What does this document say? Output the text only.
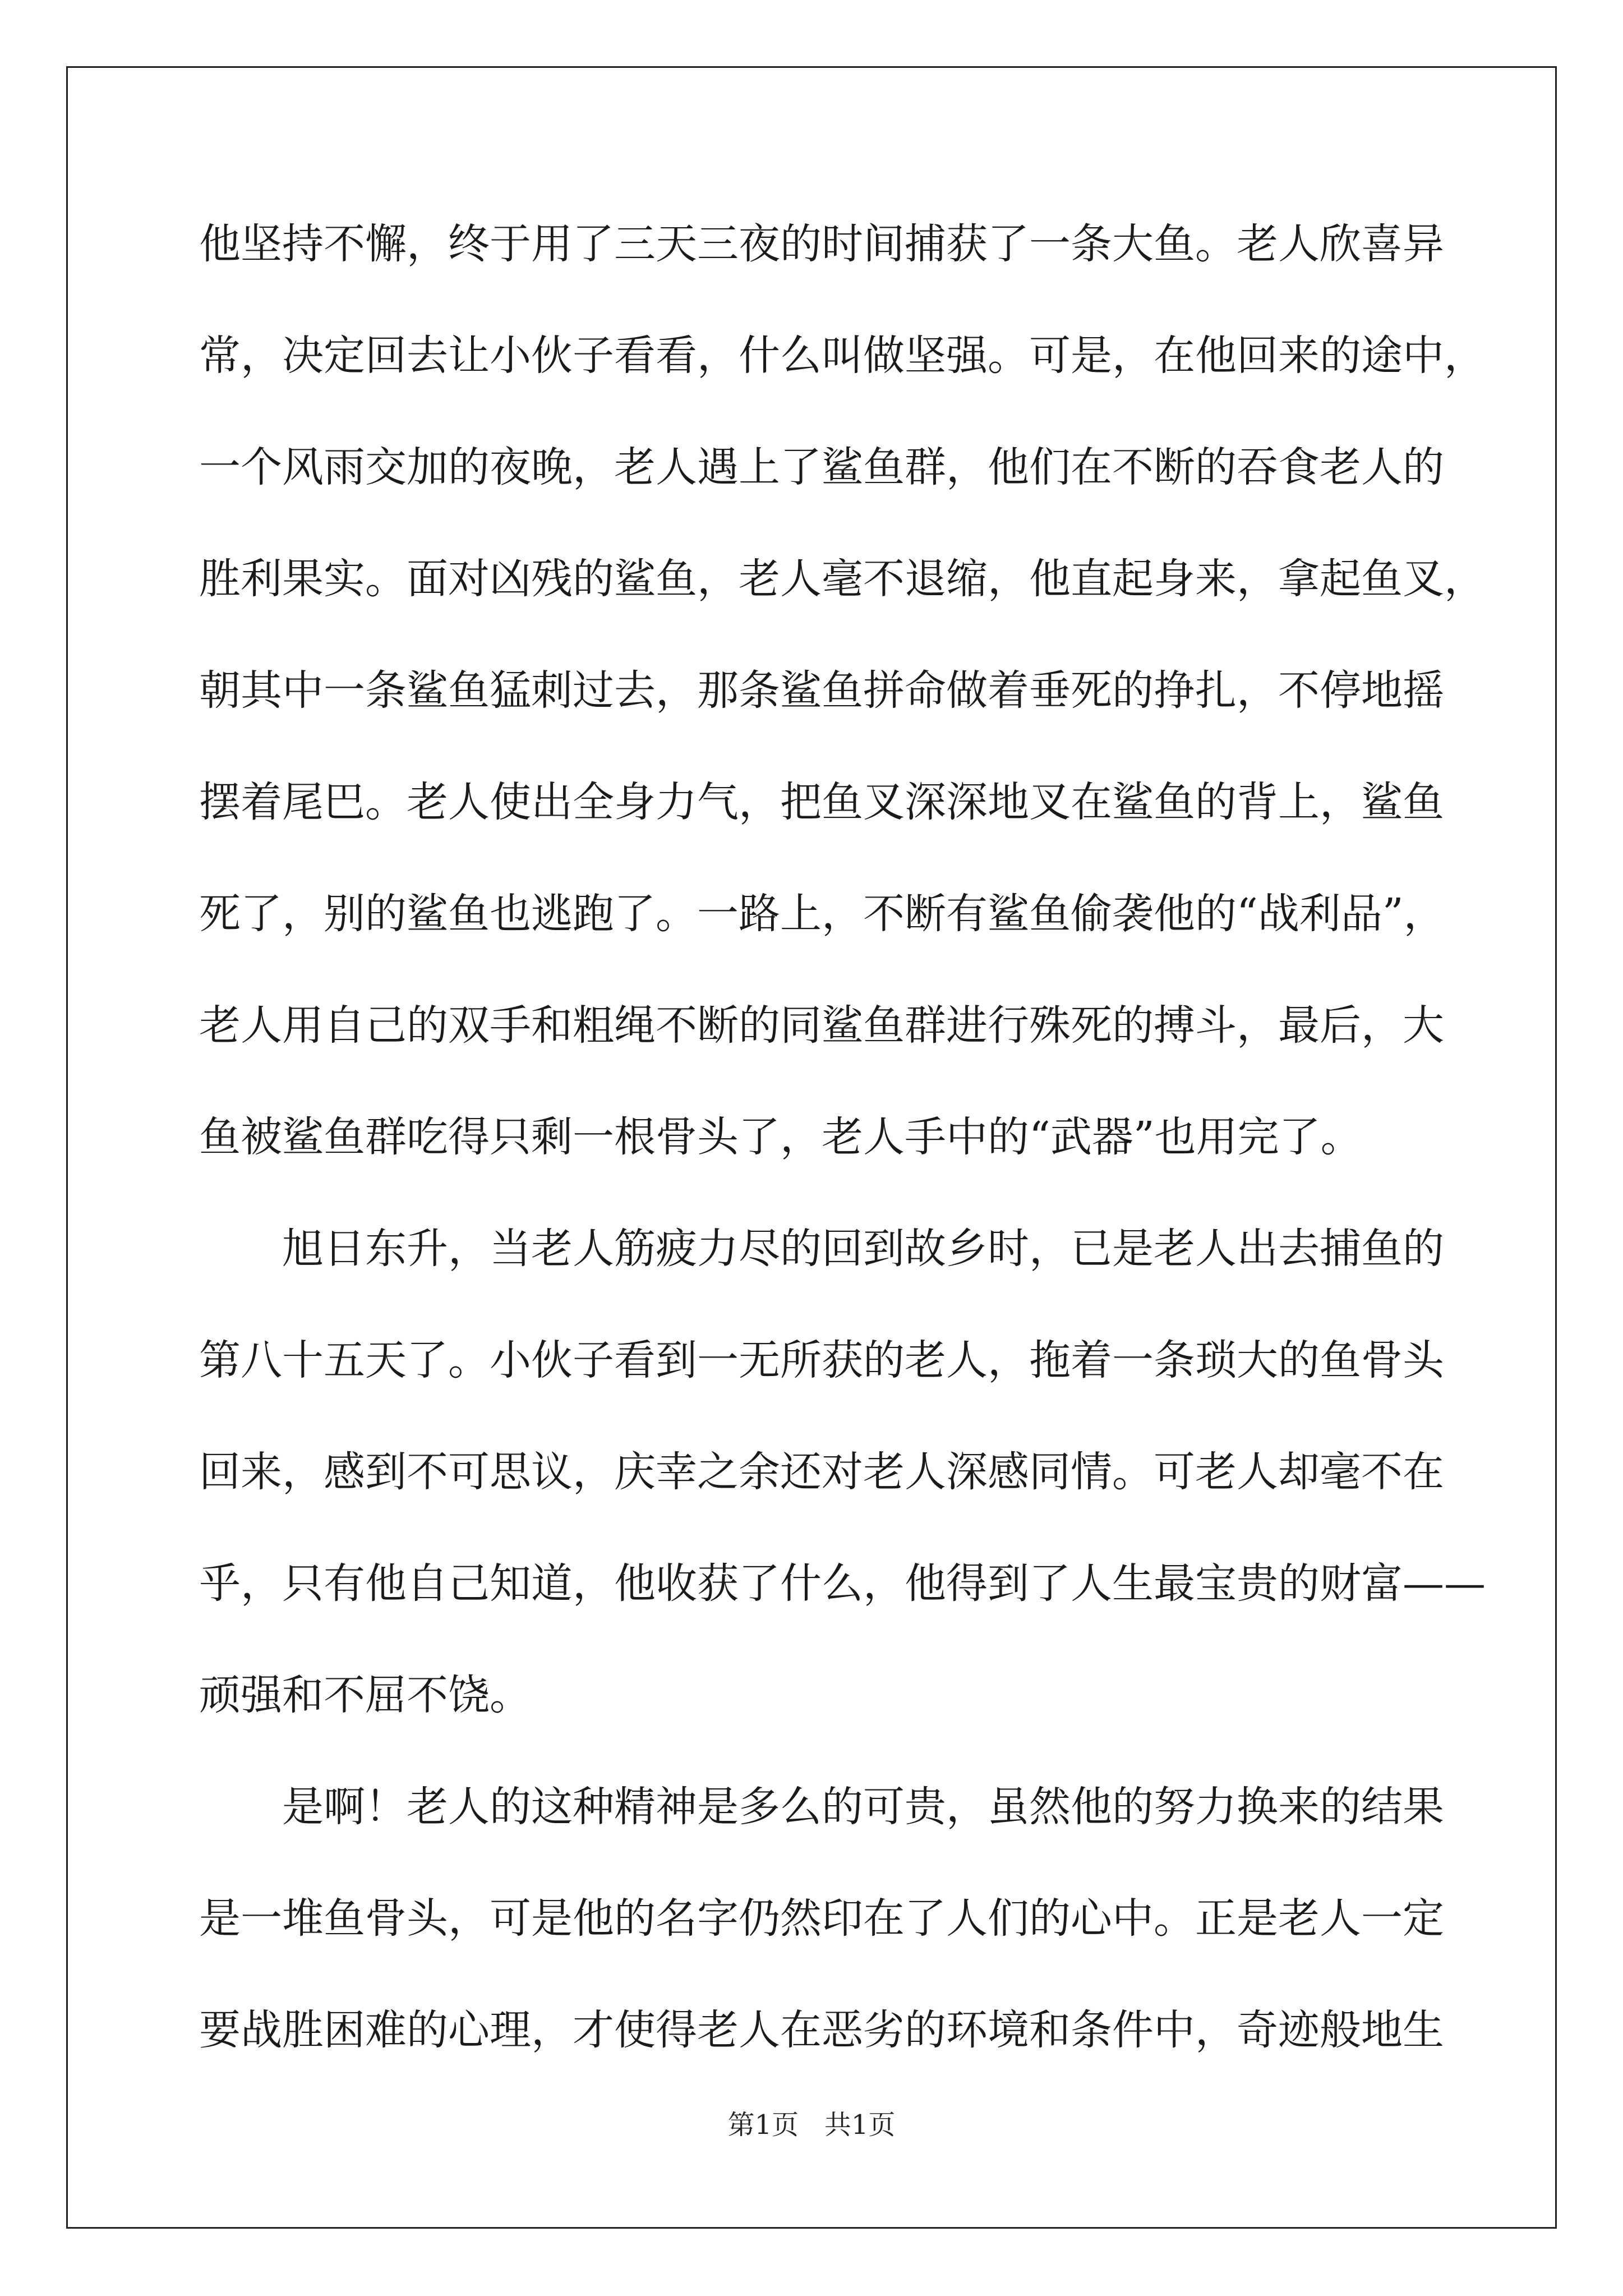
他坚持不懈，终于用了三天三夜的时间捕获了一条大鱼。老人欣喜异
常，决定回去让小伙子看看，什么叫做坚强。可是，在他回来的途中，
一个风雨交加的夜晚，老人遇上了鲨鱼群，他们在不断的吞食老人的
胜利果实。面对凶残的鲨鱼，老人毫不退缩，他直起身来，拿起鱼叉，
朝其中一条鲨鱼猛刺过去，那条鲨鱼拼命做着垂死的挣扎，不停地摇
摆着尾巴。老人使出全身力气，把鱼叉深深地叉在鲨鱼的背上，鲨鱼
死了，别的鲨鱼也逃跑了。一路上，不断有鲨鱼偷袭他的“战利品”，
老人用自己的双手和粗绳不断的同鲨鱼群进行殊死的搏斗，最后，大
鱼被鲨鱼群吃得只剩一根骨头了，老人手中的“武器”也用完了。
旭日东升，当老人筋疲力尽的回到故乡时，已是老人出去捕鱼的
第八十五天了。小伙子看到一无所获的老人，拖着一条琐大的鱼骨头
回来，感到不可思议，庆幸之余还对老人深感同情。可老人却毫不在
乎，只有他自己知道，他收获了什么，他得到了人生最宝贵的财富——
顽强和不屈不饶。
是啊！老人的这种精神是多么的可贵，虽然他的努力换来的结果
是一堆鱼骨头，可是他的名字仍然印在了人们的心中。正是老人一定
要战胜困难的心理，才使得老人在恶劣的环境和条件中，奇迹般地生
第1页 共1页
